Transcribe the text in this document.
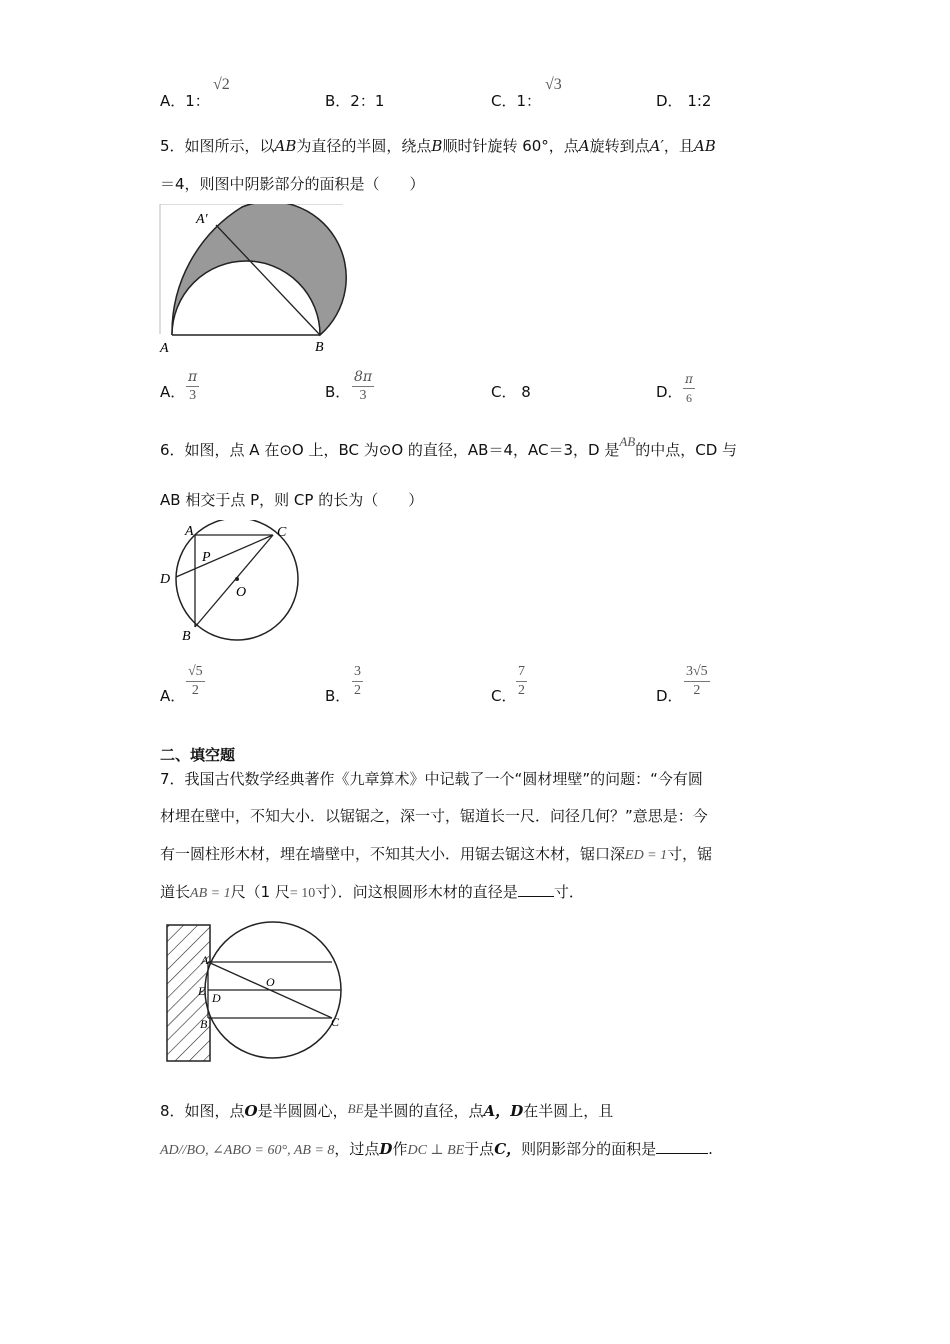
A．1：
√2
B．2：1	C．1：
√3
D． 1:2
5．如图所示，以AB为直径的半圆，绕点B顺时针旋转 60°，点A旋转到点A′，且AB
＝4，则图中阴影部分的面积是（　　）
A′
A	B
A．
π
3	B．
8π
3	C． 8	D．
π
6
6．如图，点 A 在⊙O 上，BC 为⊙O 的直径，AB＝4，AC＝3，D 是AB的中点，CD 与
AB 相交于点 P，则 CP 的长为（　　）
A	C
P
D
O
B
A．
√5
2	B．
3
2	C．
7
2	D．
3√5
2
二、填空题
7．我国古代数学经典著作《九章算术》中记载了一个“圆材埋壁”的问题：“今有圆
材埋在壁中，不知大小．以锯锯之，深一寸，锯道长一尺．问径几何？”意思是：今
有一圆柱形木材，埋在墙壁中，不知其大小．用锯去锯这木材，锯口深ED = 1寸，锯
道长AB = 1尺（1 尺= 10寸）．问这根圆形木材的直径是 寸．
A
O
E D
B	C
8．如图，点O是半圆圆心，BE是半圆的直径，点A，D在半圆上，且
AD//BO, ∠ABO = 60°, AB = 8，过点D作DC ⊥ BE于点C，则阴影部分的面积是	.
